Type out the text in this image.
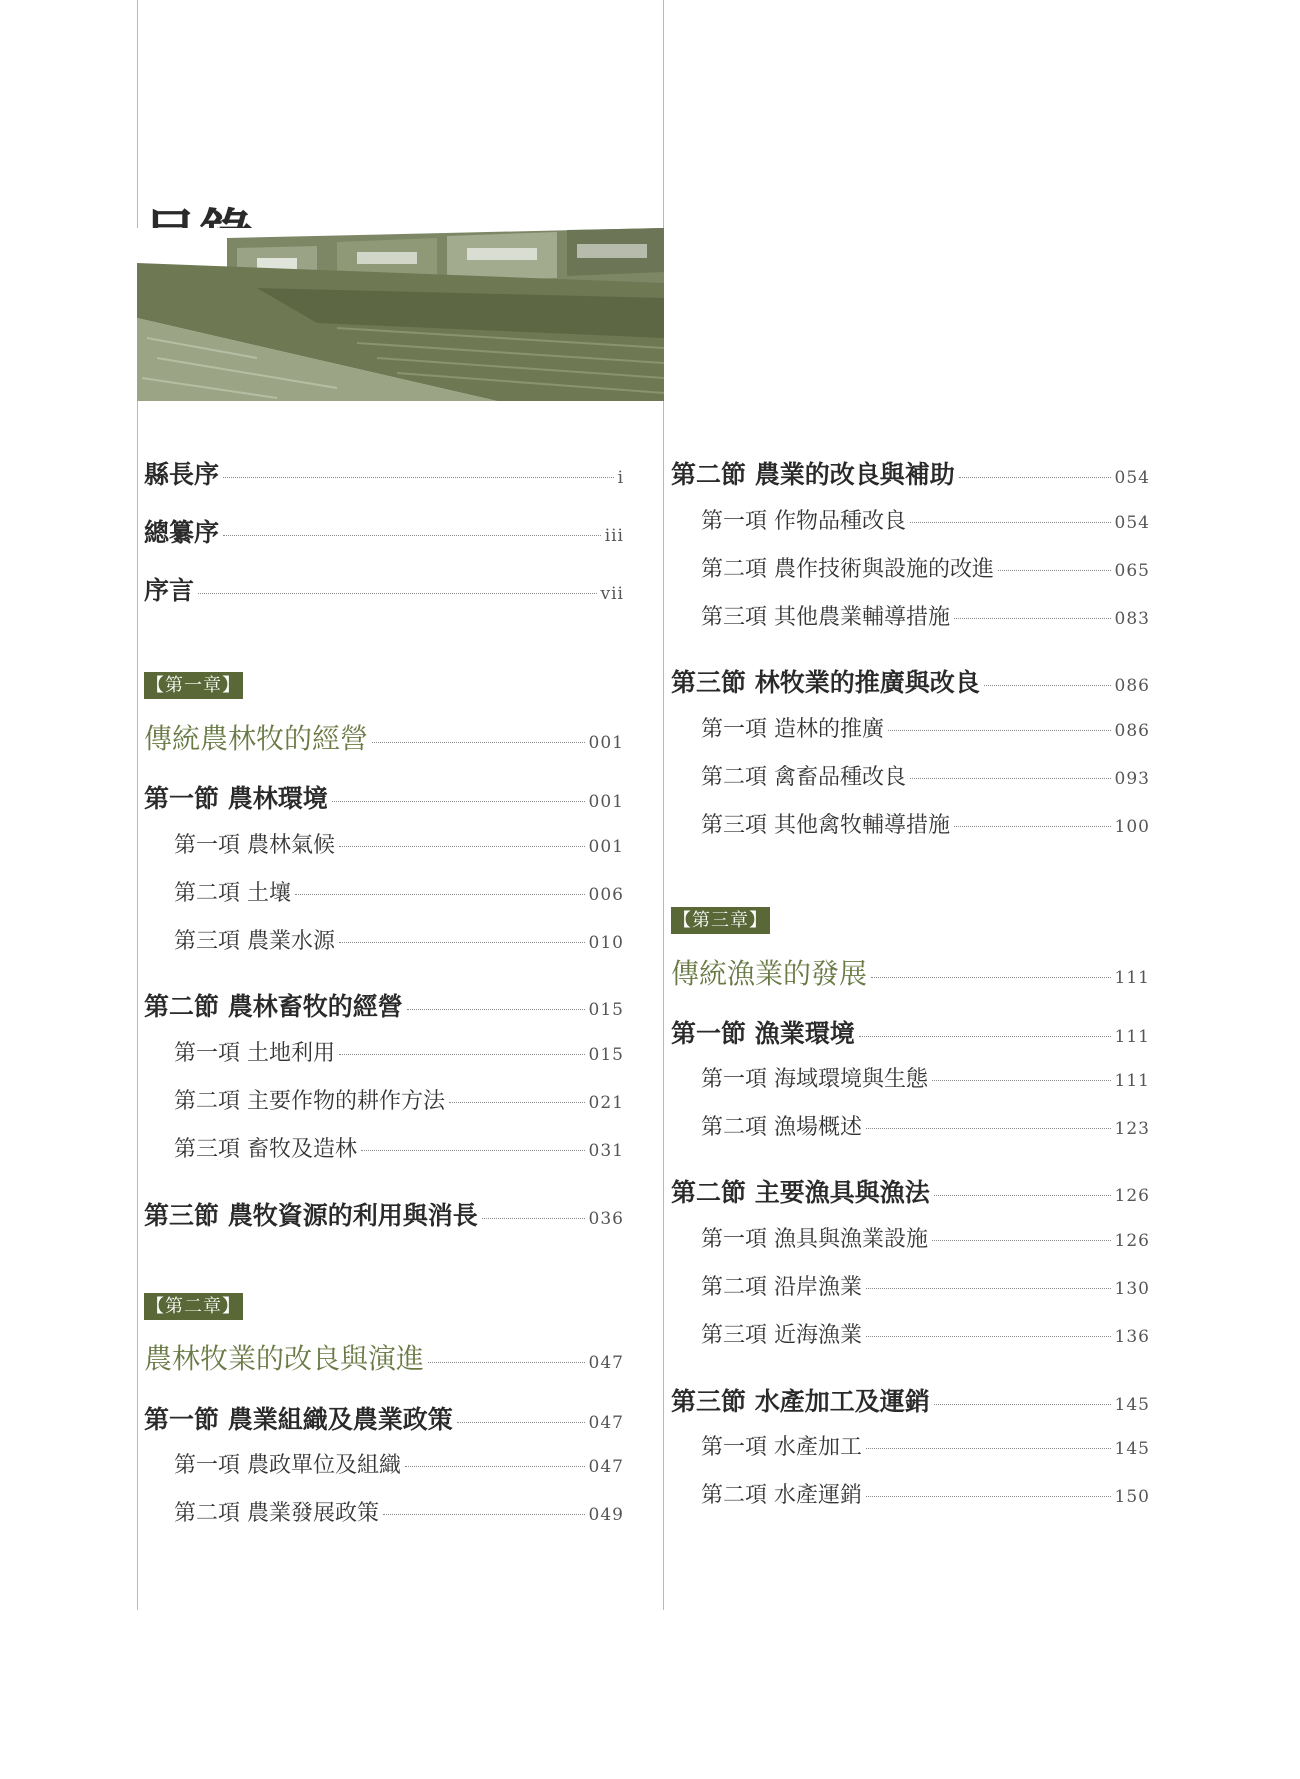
縣長序	i
總纂序	iii
序言	vii
【第一章】
傳統農林牧的經營	001
第一節 農林環境	001
第一項 農林氣候	001
第二項 土壤	006
第三項 農業水源	010
第二節 農林畜牧的經營	015
第一項 土地利用	015
第二項 主要作物的耕作方法	021
第三項 畜牧及造林	031
第三節 農牧資源的利用與消長	036
【第二章】
農林牧業的改良與演進	047
第一節 農業組織及農業政策	047
第一項 農政單位及組織	047
第二項 農業發展政策	049
第二節 農業的改良與補助	054
第一項 作物品種改良	054
第二項 農作技術與設施的改進	065
第三項 其他農業輔導措施	083
第三節 林牧業的推廣與改良	086
第一項 造林的推廣	086
第二項 禽畜品種改良	093
第三項 其他禽牧輔導措施	100
【第三章】
傳統漁業的發展	111
第一節 漁業環境	111
第一項 海域環境與生態	111
第二項 漁場概述	123
第二節 主要漁具與漁法	126
第一項 漁具與漁業設施	126
第二項 沿岸漁業	130
第三項 近海漁業	136
第三節 水產加工及運銷	145
第一項 水產加工	145
第二項 水產運銷	150
